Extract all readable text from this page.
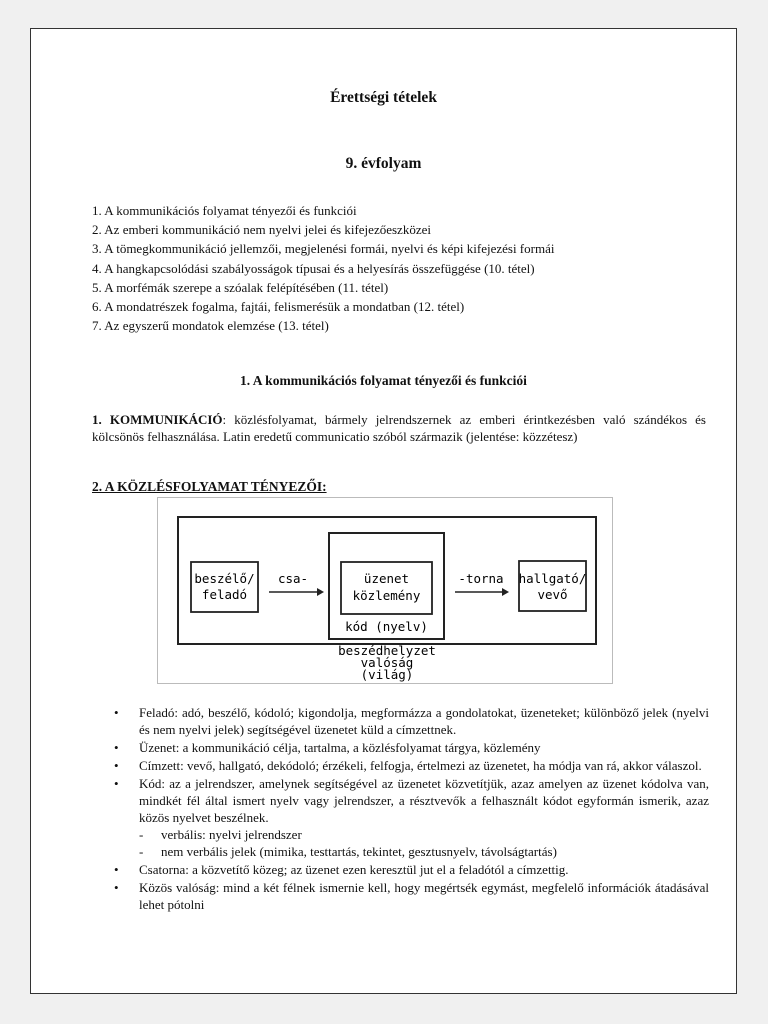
Érettségi tételek
9. évfolyam
1. A kommunikációs folyamat tényezői és funkciói
2. Az emberi kommunikáció nem nyelvi jelei és kifejezőeszközei
3. A tömegkommunikáció jellemzői, megjelenési formái, nyelvi és képi kifejezési formái
4. A hangkapcsolódási szabályosságok típusai és a helyesírás összefüggése (10. tétel)
5. A morfémák szerepe a szóalak felépítésében (11. tétel)
6. A mondatrészek fogalma, fajtái, felismerésük a mondatban (12. tétel)
7. Az egyszerű mondatok elemzése (13. tétel)
1. A kommunikációs folyamat tényezői és funkciói
1. KOMMUNIKÁCIÓ: közlésfolyamat, bármely jelrendszernek az emberi érintkezésben való szándékos és kölcsönös felhasználása. Latin eredetű communicatio szóból származik (jelentése: közzétesz)
2. A KÖZLÉSFOLYAMAT TÉNYEZŐI:
beszélő/
feladó
üzenet
közlemény
hallgató/
vevő
csa-	-torna
kód (nyelv)
beszédhelyzet
valóság
(világ)
• Feladó: adó, beszélő, kódoló; kigondolja, megformázza a gondolatokat, üzeneteket; különböző jelek (nyelvi és nem nyelvi jelek) segítségével üzenetet küld a címzettnek.
• Üzenet: a kommunikáció célja, tartalma, a közlésfolyamat tárgya, közlemény
• Címzett: vevő, hallgató, dekódoló; érzékeli, felfogja, értelmezi az üzenetet, ha módja van rá, akkor válaszol.
• Kód: az a jelrendszer, amelynek segítségével az üzenetet közvetítjük, azaz amelyen az üzenet kódolva van, mindkét fél által ismert nyelv vagy jelrendszer, a résztvevők a felhasznált kódot egyformán ismerik, azaz közös nyelvet beszélnek.
- verbális: nyelvi jelrendszer
- nem verbális jelek (mimika, testtartás, tekintet, gesztusnyelv, távolságtartás)
• Csatorna: a közvetítő közeg; az üzenet ezen keresztül jut el a feladótól a címzettig.
• Közös valóság: mind a két félnek ismernie kell, hogy megértsék egymást, megfelelő információk átadásával lehet pótolni
